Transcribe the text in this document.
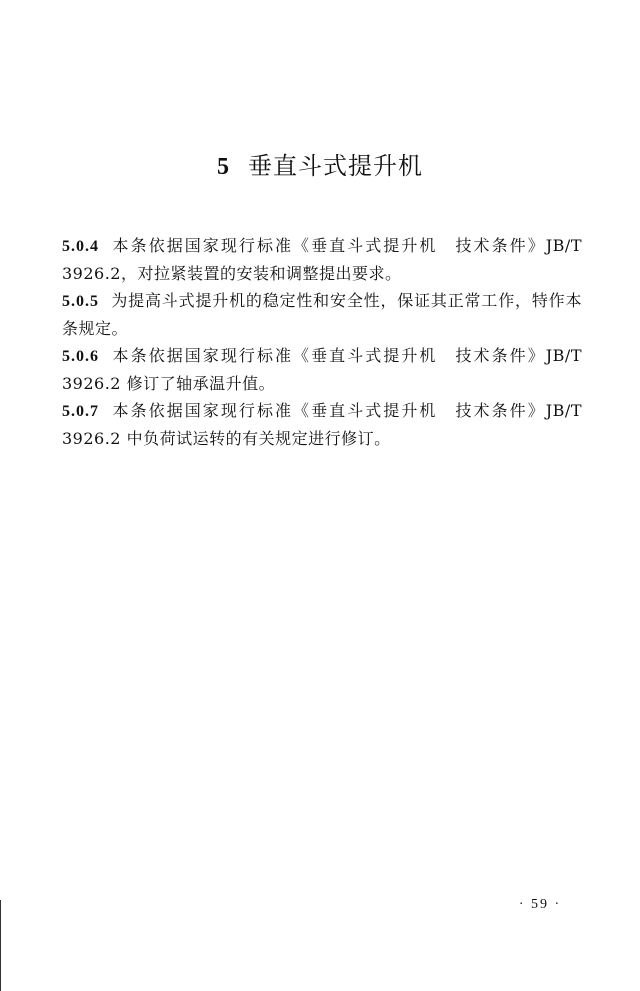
5 垂直斗式提升机

5.0.4 本条依据国家现行标准《垂直斗式提升机　技术条件》JB/T 3926.2，对拉紧装置的安装和调整提出要求。

5.0.5 为提高斗式提升机的稳定性和安全性，保证其正常工作，特作本条规定。

5.0.6 本条依据国家现行标准《垂直斗式提升机　技术条件》JB/T 3926.2 修订了轴承温升值。

5.0.7 本条依据国家现行标准《垂直斗式提升机　技术条件》JB/T 3926.2 中负荷试运转的有关规定进行修订。

· 59 ·
